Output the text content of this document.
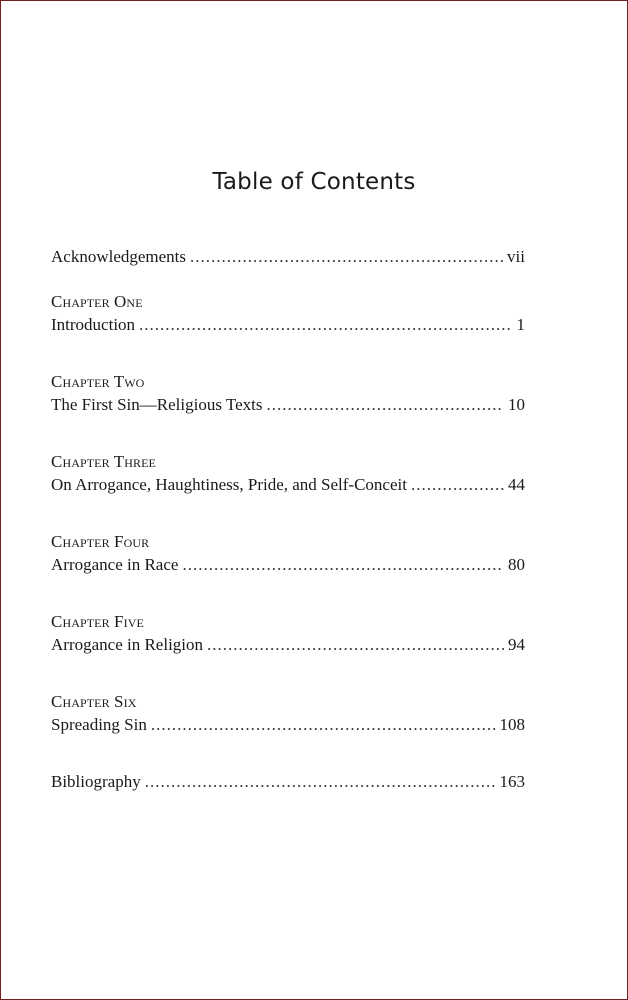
Table of Contents
Acknowledgements .....	vii
Chapter One
Introduction .....	1
Chapter Two
The First Sin—Religious Texts .....	10
Chapter Three
On Arrogance, Haughtiness, Pride, and Self-Conceit .....	44
Chapter Four
Arrogance in Race .....	80
Chapter Five
Arrogance in Religion .....	94
Chapter Six
Spreading Sin .....	108
Bibliography .....	163
